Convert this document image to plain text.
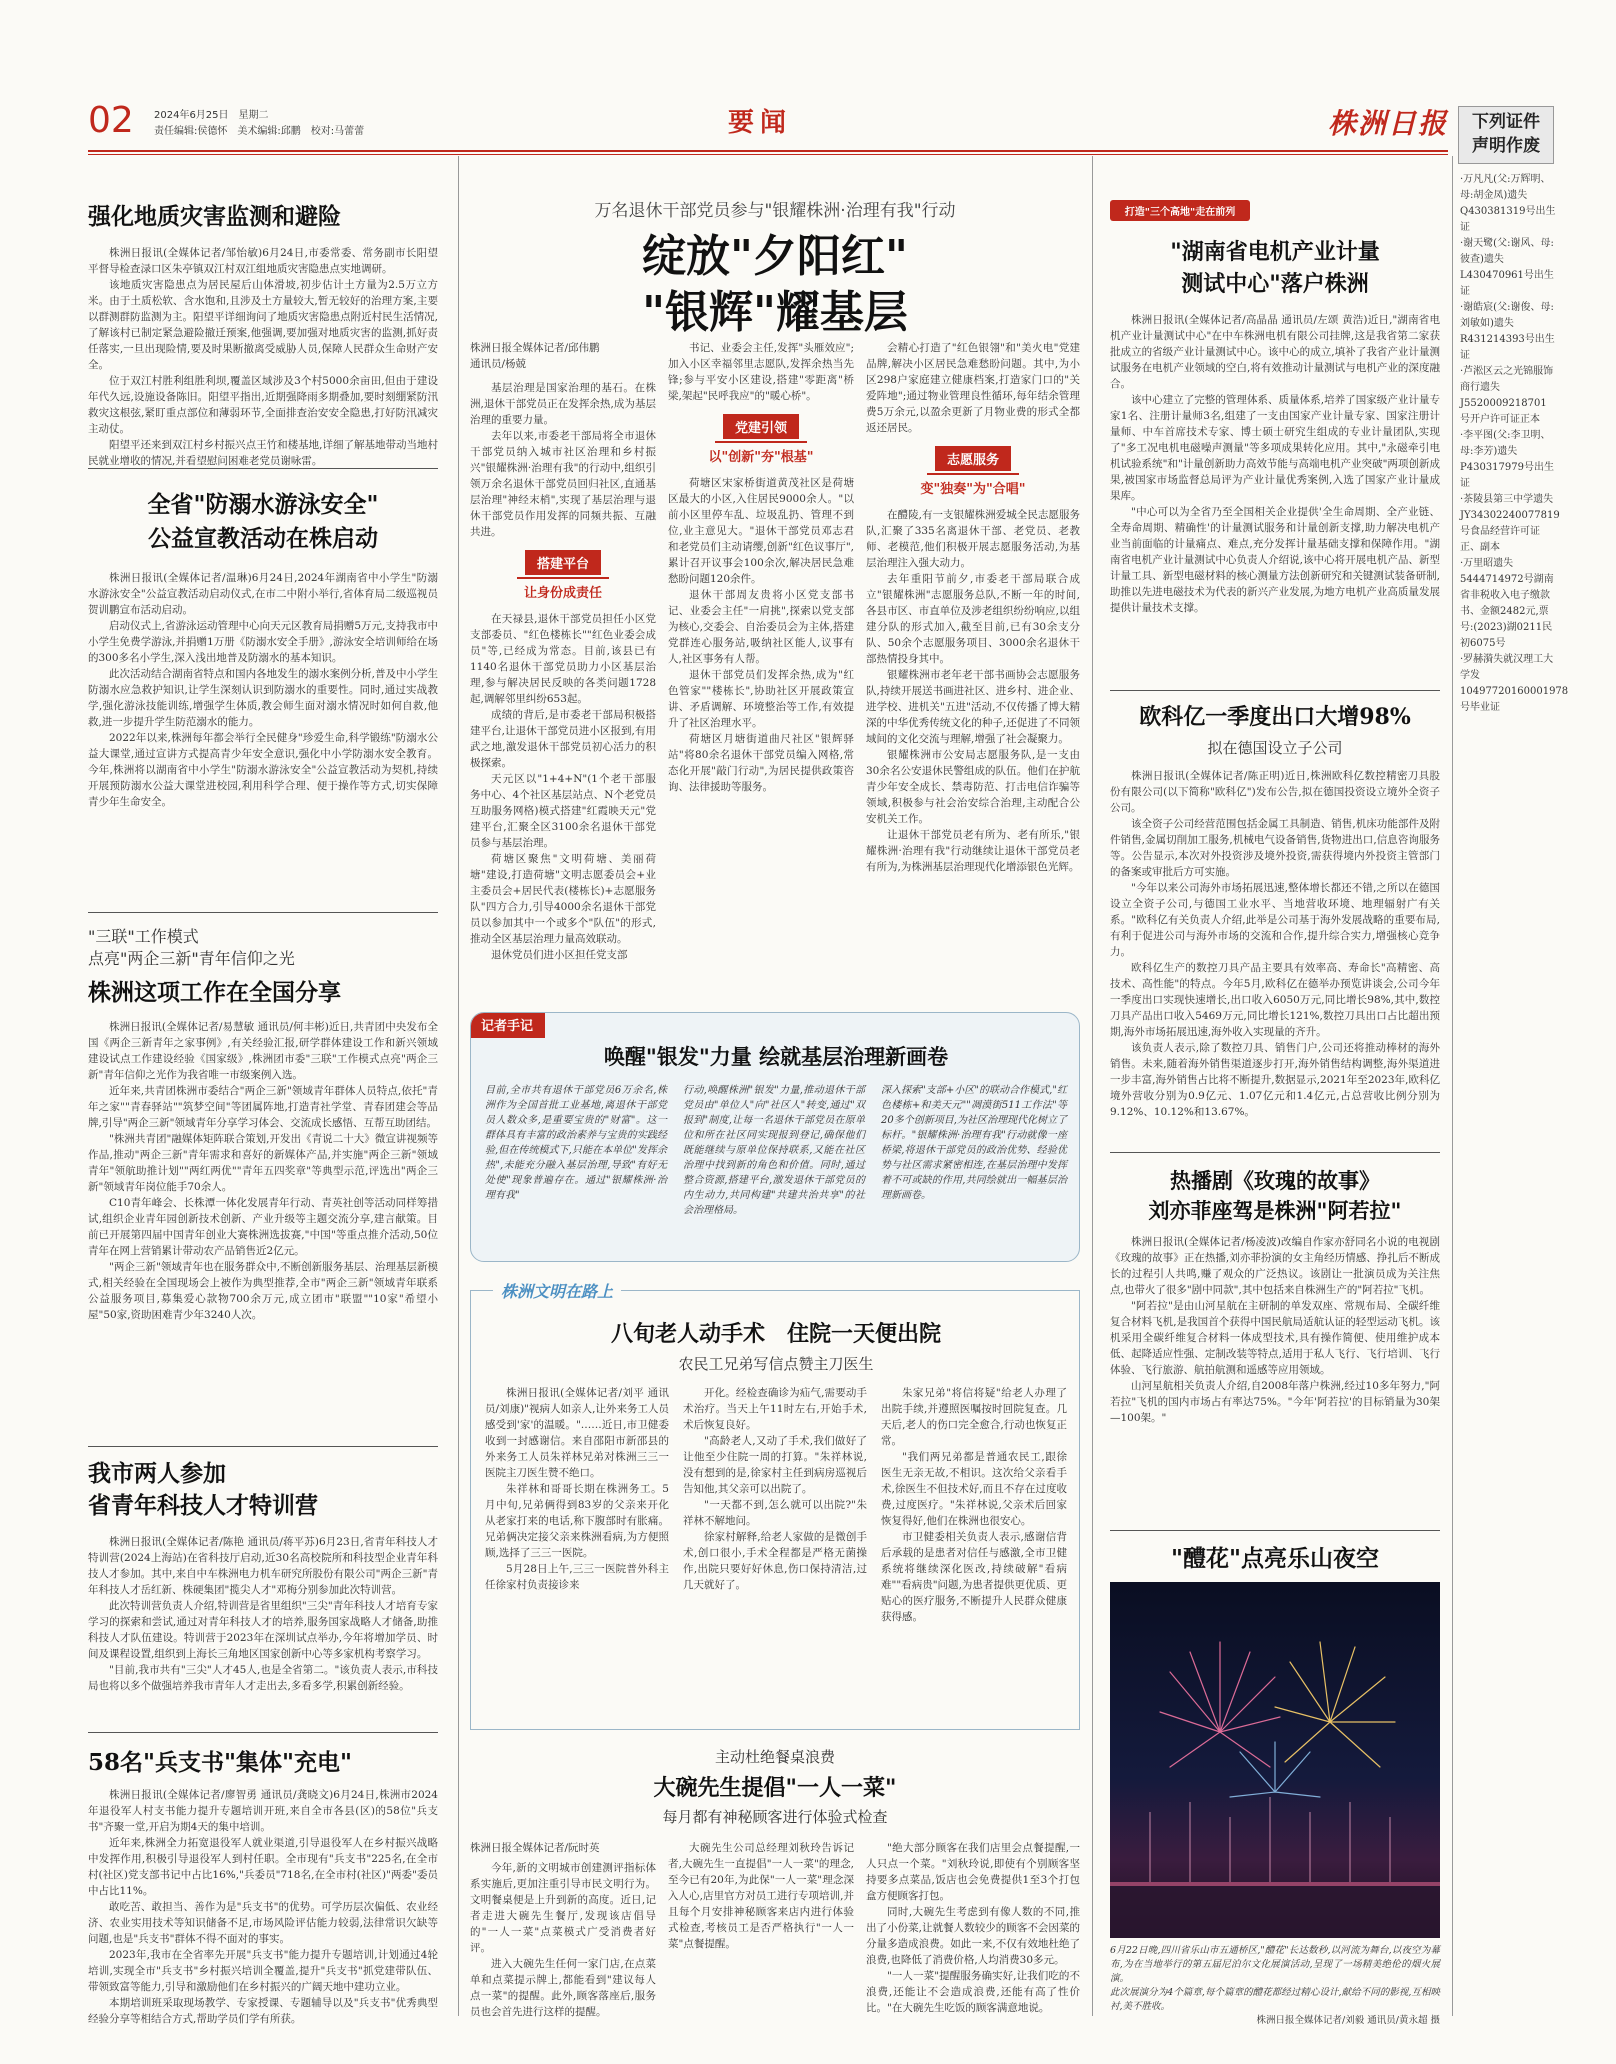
02 2024年6月25日　星期二
责任编辑:侯德怀　美术编辑:邱鹏　校对:马蕾蕾	要闻	株洲日报	下列证件
声明作废
·万凡凡(父:万辉明、母:胡金凤)遗失Q430381319号出生证
·谢天鹭(父:谢风、母:彼查)遗失L430470961号出生证
·谢皓宸(父:谢俊、母:刘敏如)遗失R431214393号出生证
·芦淞区云之光锦服饰商行遗失J5520009218701号开户许可证正本
·李平图(父:李卫明、母:李芳)遗失P430317979号出生证
·茶陵县第三中学遗失JY34302240077819号食品经营许可证正、副本
·万里昭遗失5444714972号湖南省非税收入电子缴款书、金额2482元,票号:(2023)湖0211民初6075号
·罗赫漪失就汉理工大学发10497720160001978号毕业证
强化地质灾害监测和避险

株洲日报讯(全媒体记者/邹怡敏)6月24日,市委常委、常务副市长阳望平督导检查渌口区朱亭镇双江村双江组地质灾害隐患点实地调研。

该地质灾害隐患点为居民屋后山体滑坡,初步估计土方量为2.5万立方米。由于土质松软、含水饱和,且涉及土方量较大,暂无较好的治理方案,主要以群测群防监测为主。阳望平详细询问了地质灾害隐患点附近村民生活情况,了解该村已制定紧急避险撤迁预案,他强调,要加强对地质灾害的监测,抓好责任落实,一旦出现险情,要及时果断撤离受威胁人员,保障人民群众生命财产安全。

位于双江村胜利组胜利坝,覆盖区域涉及3个村5000余亩田,但由于建设年代久远,设施设备陈旧。阳望平指出,近期强降雨多期叠加,要时刻绷紧防汛救灾这根弦,紧盯重点部位和薄弱环节,全面排查治安安全隐患,打好防汛减灾主动仗。

阳望平还来到双江村乡村振兴点王竹和楼基地,详细了解基地带动当地村民就业增收的情况,并看望慰问困难老党员谢咏雷。

全省"防溺水游泳安全"
公益宣教活动在株启动

株洲日报讯(全媒体记者/温琳)6月24日,2024年湖南省中小学生"防溺水游泳安全"公益宣教活动启动仪式,在市二中附小举行,省体育局二级巡视员贺训鹏宣布活动启动。

启动仪式上,省游泳运动管理中心向天元区教育局捐赠5万元,支持我市中小学生免费学游泳,并捐赠1万册《防溺水安全手册》,游泳安全培训师给在场的300多名小学生,深入浅出地普及防溺水的基本知识。

此次活动结合湖南省特点和国内各地发生的溺水案例分析,普及中小学生防溺水应急救护知识,让学生深刻认识到防溺水的重要性。同时,通过实战教学,强化游泳技能训练,增强学生体质,教会师生面对溺水情况时如何自救,他救,进一步提升学生防范溺水的能力。

2022年以来,株洲每年都会举行全民健身"珍爱生命,科学锻练"防溺水公益大课堂,通过宣讲方式提高青少年安全意识,强化中小学防溺水安全教育。今年,株洲将以湖南省中小学生"防溺水游泳安全"公益宣教活动为契机,持续开展预防溺水公益大课堂进校园,利用科学合理、便于操作等方式,切实保障青少年生命安全。

"三联"工作模式
点亮"两企三新"青年信仰之光
株洲这项工作在全国分享

株洲日报讯(全媒体记者/易慧敏 通讯员/何丰彬)近日,共青团中央发布全国《两企三新青年之家事例》,有关经验汇报,研学群体建设工作和新兴领域建设试点工作建设经验《国家级》,株洲团市委"三联"工作模式点亮"两企三新"青年信仰之光作为我省唯一市级案例入选。

近年来,共青团株洲市委结合"两企三新"领域青年群体人员特点,依托"青年之家""青春驿站""筑梦空间"等团属阵地,打造青社学堂、青春团建会等品牌,引导"两企三新"领域青年分享学习体会、交流成长感悟、互帮互助团结。

"株洲共青团"融媒体矩阵联合策划,开发出《青说二十大》微宣讲视频等作品,推动"两企三新"青年需求和喜好的新媒体产品,并实施"两企三新"领域青年"领航助推计划""两红两优""青年五四奖章"等典型示范,评选出"两企三新"领域青年岗位能手70余人。

C10青年峰会、长株潭一体化发展青年行动、青英社创等活动同样筹措试,组织企业青年园创新技术创新、产业升级等主题交流分享,建言献策。目前已开展第四届中国青年创业大赛株洲选拔赛,"中国"等重点推介活动,50位青年在网上营销累计带动农产品销售近2亿元。

"两企三新"领域青年也在服务群众中,不断创新服务基层、治理基层新模式,相关经验在全国现场会上被作为典型推荐,全市"两企三新"领域青年联系公益服务项目,募集爱心款物700余万元,成立团市"联盟""10家"希望小屋"50家,资助困难青少年3240人次。

我市两人参加
省青年科技人才特训营

株洲日报讯(全媒体记者/陈艳 通讯员/蒋平苏)6月23日,省青年科技人才特训营(2024上海站)在省科技厅启动,近30名高校院所和科技型企业青年科技人才参加。其中,来自中车株洲电力机车研究所股份有限公司"两企三新"青年科技人才岳红新、株硬集团"揽尖人才"邓梅分别参加此次特训营。

此次特训营负责人介绍,特训营是省里组织"三尖"青年科技人才培育专家学习的探索和尝试,通过对青年科技人才的培养,服务国家战略人才储备,助推科技人才队伍建设。特训营于2023年在深圳试点举办,今年将增加学员、时间及课程设置,组织到上海长三角地区国家创新中心等多家机构考察学习。

"目前,我市共有"三尖"人才45人,也是全省第二。"该负责人表示,市科技局也将以多个做强培养我市青年人才走出去,多看多学,积累创新经验。

58名"兵支书"集体"充电"

株洲日报讯(全媒体记者/廖智勇 通讯员/龚晓文)6月24日,株洲市2024年退役军人村支书能力提升专题培训开班,来自全市各县(区)的58位"兵支书"齐聚一堂,开启为期4天的集中培训。

近年来,株洲全力拓宽退役军人就业渠道,引导退役军人在乡村振兴战略中发挥作用,积极引导退役军人到村任职。全市现有"兵支书"225名,在全市村(社区)党支部书记中占比16%,"兵委员"718名,在全市村(社区)"两委"委员中占比11%。

敢吃苦、敢担当、善作为是"兵支书"的优势。可学历层次偏低、农业经济、农业实用技术等知识储备不足,市场风险评估能力较弱,法律常识欠缺等问题,也是"兵支书"群体不得不面对的事实。

2023年,我市在全省率先开展"兵支书"能力提升专题培训,计划通过4轮培训,实现全市"兵支书"乡村振兴培训全覆盖,提升"兵支书"抓党建带队伍、带领致富等能力,引导和激励他们在乡村振兴的广阔天地中建功立业。

本期培训班采取现场教学、专家授课、专题辅导以及"兵支书"优秀典型经验分享等相结合方式,帮助学员们学有所获。

万名退休干部党员参与"银耀株洲·治理有我"行动
绽放"夕阳红"
"银辉"耀基层
株洲日报全媒体记者/邱伟鹏
通讯员/杨兢

基层治理是国家治理的基石。在株洲,退休干部党员正在发挥余热,成为基层治理的重要力量。

去年以来,市委老干部局将全市退休干部党员纳入城市社区治理和乡村振兴"银耀株洲·治理有我"的行动中,组织引领万余名退休干部党员回归社区,直通基层治理"神经末梢",实现了基层治理与退休干部党员作用发挥的同频共振、互融共进。

搭建平台
让身份成责任

在天禄县,退休干部党员担任小区党支部委员、"红色楼栋长""红色业委会成员"等,已经成为常态。目前,该县已有1140名退休干部党员助力小区基层治理,参与解决居民反映的各类问题1728起,调解邻里纠纷653起。

成绩的背后,是市委老干部局积极搭建平台,让退休干部党员进小区报到,有用武之地,激发退休干部党员初心活力的积极探索。

天元区以"1+4+N"(1个老干部服务中心、4个社区基层站点、N个老党员互助服务网格)模式搭建"红霞映天元"党建平台,汇聚全区3100余名退休干部党员参与基层治理。

荷塘区聚焦"文明荷塘、美丽荷塘"建设,打造荷塘"文明志愿委员会+业主委员会+居民代表(楼栋长)+志愿服务队"四方合力,引导4000余名退休干部党员以参加其中一个或多个"队伍"的形式,推动全区基层治理力量高效联动。

退休党员们进小区担任党支部

书记、业委会主任,发挥"头雁效应";加入小区幸福邻里志愿队,发挥余热当先锋;参与平安小区建设,搭建"零距离"桥梁,架起"民呼我应"的"暖心桥"。

党建引领
以"创新"夯"根基"

荷塘区宋家桥街道黄茂社区是荷塘区最大的小区,入住居民9000余人。"以前小区里停车乱、垃圾乱扔、管理不到位,业主意见大。"退休干部党员邓志君和老党员们主动请缨,创新"红色议事厅",累计召开议事会100余次,解决居民急难愁盼问题120余件。

退休干部周友贵将小区党支部书记、业委会主任"一肩挑",探索以党支部为核心,交委会、自治委员会为主体,搭建党群连心服务站,吸纳社区能人,议事有人,社区事务有人帮。

退休干部党员们发挥余热,成为"红色管家""楼栋长",协助社区开展政策宣讲、矛盾调解、环境整治等工作,有效提升了社区治理水平。

荷塘区月塘街道曲尺社区"银辉驿站"将80余名退休干部党员编入网格,常态化开展"敲门行动",为居民提供政策咨询、法律援助等服务。

会精心打造了"红色银翎"和"美火电"党建品牌,解决小区居民急难愁盼问题。其中,为小区298户家庭建立健康档案,打造家门口的"关爱阵地";通过物业管理良性循环,每年结余管理费5万余元,以盈余更新了月物业费的形式全都返还居民。

志愿服务
变"独奏"为"合唱"

在醴陵,有一支银耀株洲爱城全民志愿服务队,汇聚了335名离退休干部、老党员、老教师、老模范,他们积极开展志愿服务活动,为基层治理注入强大动力。

去年重阳节前夕,市委老干部局联合成立"银耀株洲"志愿服务总队,不断一年的时间,各县市区、市直单位及涉老组织纷纷响应,以组建分队的形式加入,截至目前,已有30余支分队、50余个志愿服务项目、3000余名退休干部热情投身其中。

银耀株洲市老年老干部书画协会志愿服务队,持续开展送书画进社区、进乡村、进企业、进学校、进机关"五进"活动,不仅传播了博大精深的中华优秀传统文化的种子,还促进了不同领域间的文化交流与理解,增强了社会凝聚力。

银耀株洲市公安局志愿服务队,是一支由30余名公安退休民警组成的队伍。他们在护航青少年安全成长、禁毒防范、打击电信诈骗等领域,积极参与社会治安综合治理,主动配合公安机关工作。

让退休干部党员老有所为、老有所乐,"银耀株洲·治理有我"行动继续让退休干部党员老有所为,为株洲基层治理现代化增添银色光辉。

记者手记
唤醒"银发"力量 绘就基层治理新画卷
目前,全市共有退休干部党员6万余名,株洲作为全国首批工业基地,离退休干部党员人数众多,是重要宝贵的"财富"。这一群体具有丰富的政治素养与宝贵的实践经验,但在传统模式下,只能在本单位"发挥余热",未能充分融入基层治理,导致"有好无处使"现象普遍存在。通过"银耀株洲·治理有我"
行动,唤醒株洲"银发"力量,推动退休干部党员由"单位人"向"社区人"转变,通过"双报到"制度,让每一名退休干部党员在原单位和所在社区同实现报到登记,确保他们既能继续与原单位保持联系,又能在社区治理中找到新的角色和价值。同时,通过整合资源,搭建平台,激发退休干部党员的内生动力,共同构建"共建共治共享"的社会治理格局。
深入探索"支部+小区"的联动合作模式,"红色楼栋+和美天元""凋漠街511工作法"等20多个创新项目,为社区治理现代化树立了标杆。"银耀株洲·治理有我"行动就像一座桥梁,将退休干部党员的政治优势、经验优势与社区需求紧密相连,在基层治理中发挥着不可或缺的作用,共同绘就出一幅基层治理新画卷。
株洲文明在路上
八旬老人动手术　住院一天便出院
农民工兄弟写信点赞主刀医生

株洲日报讯(全媒体记者/刘平 通讯员/刘康)"视病人如亲人,让外来务工人员感受到'家'的温暖。"……近日,市卫健委收到一封感谢信。来自邵阳市新邵县的外来务工人员朱祥林兄弟对株洲三三一医院主刀医生赞不绝口。

朱祥林和哥哥长期在株洲务工。5月中旬,兄弟俩得到83岁的父亲来开化从老家打来的电话,称下腹部时有胀痛。兄弟俩决定接父亲来株洲看病,为方便照顾,选择了三三一医院。

5月28日上午,三三一医院普外科主任徐家村负责接诊来

开化。经检查确诊为疝气,需要动手术治疗。当天上午11时左右,开始手术,术后恢复良好。

"高龄老人,又动了手术,我们做好了让他至少住院一周的打算。"朱祥林说,没有想到的是,徐家村主任到病房巡视后告知他,其父亲可以出院了。

"一天都不到,怎么就可以出院?"朱祥林不解地问。

徐家村解释,给老人家做的是微创手术,创口很小,手术全程都是严格无菌操作,出院只要好好休息,伤口保持清洁,过几天就好了。

朱家兄弟"将信将疑"给老人办理了出院手续,并遵照医嘱按时回院复查。几天后,老人的伤口完全愈合,行动也恢复正常。

"我们两兄弟都是普通农民工,跟徐医生无亲无故,不相识。这次给父亲看手术,徐医生不但技术好,而且不存在过度收费,过度医疗。"朱祥林说,父亲术后回家恢复得好,他们在株洲也很安心。

市卫健委相关负责人表示,感谢信背后承载的是患者对信任与感激,全市卫健系统将继续深化医改,持续破解"看病难""看病贵"问题,为患者提供更优质、更贴心的医疗服务,不断提升人民群众健康获得感。

主动杜绝餐桌浪费
大碗先生提倡"一人一菜"
每月都有神秘顾客进行体验式检查
株洲日报全媒体记者/阮时英

今年,新的文明城市创建测评指标体系实施后,更加注重引导市民文明行为。文明餐桌便是上升到新的高度。近日,记者走进大碗先生餐厅,发现该店倡导的"一人一菜"点菜模式广受消费者好评。

进入大碗先生任何一家门店,在点菜单和点菜提示牌上,都能看到"建议每人点一菜"的提醒。此外,顾客落座后,服务员也会首先进行这样的提醒。

大碗先生公司总经理刘秋玲告诉记者,大碗先生一直提倡"一人一菜"的理念,至今已有20年,为此保"一人一菜"理念深入人心,店里官方对员工进行专项培训,并且每个月安排神秘顾客来店内进行体验式检查,考核员工是否严格执行"一人一菜"点餐提醒。

"绝大部分顾客在我们店里会点餐提醒,一人只点一个菜。"刘秋玲说,即使有个别顾客坚持要多点菜品,饭店也会免费提供1至3个打包盒方便顾客打包。

同时,大碗先生考虑到有像人数的不同,推出了小份菜,让就餐人数较少的顾客不会因菜的分量多造成浪费。如此一来,不仅有效地杜绝了浪费,也降低了消费价格,人均消费30多元。

"一人一菜"提醒服务确实好,让我们吃的不浪费,还能让不会造成浪费,还能有高了性价比。"在大碗先生吃饭的顾客满意地说。

打造"三个高地"走在前列
"湖南省电机产业计量
测试中心"落户株洲

株洲日报讯(全媒体记者/高晶晶 通讯员/左颂 黄浩)近日,"湖南省电机产业计量测试中心"在中车株洲电机有限公司挂牌,这是我省第二家获批成立的省级产业计量测试中心。该中心的成立,填补了我省产业计量测试服务在电机产业领域的空白,将有效推动计量测试与电机产业的深度融合。

该中心建立了完整的管理体系、质量体系,培养了国家级产业计量专家1名、注册计量师3名,组建了一支由国家产业计量专家、国家注册计量师、中车首席技术专家、博士硕士研究生组成的专业计量团队,实现了"多工况电机电磁噪声测量"等多项成果转化应用。其中,"永磁牵引电机试验系统"和"计量创新助力高效节能与高端电机产业突破"两项创新成果,被国家市场监督总局评为产业计量优秀案例,入选了国家产业计量成果库。

"中心可以为全省乃至全国相关企业提供'全生命周期、全产业链、全寿命周期、精确性'的计量测试服务和计量创新支撑,助力解决电机产业当前面临的计量痛点、难点,充分发挥计量基础支撑和保障作用。"湖南省电机产业计量测试中心负责人介绍说,该中心将开展电机产品、新型计量工具、新型电磁材料的核心测量方法创新研究和关键测试装备研制,助推以先进电磁技术为代表的新兴产业发展,为地方电机产业高质量发展提供计量技术支撑。

欧科亿一季度出口大增98%
拟在德国设立子公司

株洲日报讯(全媒体记者/陈正明)近日,株洲欧科亿数控精密刀具股份有限公司(以下简称"欧科亿")发布公告,拟在德国投资设立境外全资子公司。

该全资子公司经营范围包括金属工具制造、销售,机床功能部件及附件销售,金属切削加工服务,机械电气设备销售,货物进出口,信息咨询服务等。公告显示,本次对外投资涉及境外投资,需获得境内外投资主管部门的备案或审批后方可实施。

"今年以来公司海外市场拓展迅速,整体增长都还不错,之所以在德国设立全资子公司,与德国工业水平、当地营收环境、地理辐射广有关系。"欧科亿有关负责人介绍,此举是公司基于海外发展战略的重要布局,有利于促进公司与海外市场的交流和合作,提升综合实力,增强核心竞争力。

欧科亿生产的数控刀具产品主要具有效率高、寿命长"高精密、高技术、高性能"的特点。今年5月,欧科亿在德举办预览讲谈会,公司今年一季度出口实现快速增长,出口收入6050万元,同比增长98%,其中,数控刀具产品出口收入5469万元,同比增长121%,数控刀具出口占比超出预期,海外市场拓展迅速,海外收入实现量的齐升。

该负责人表示,除了数控刀具、销售门户,公司还将推动棒材的海外销售。未来,随着海外销售渠道逐步打开,海外销售结构调整,海外渠道进一步丰富,海外销售占比将不断提升,数据显示,2021年至2023年,欧科亿境外营收分别为0.9亿元、1.07亿元和1.4亿元,占总营收比例分别为9.12%、10.12%和13.67%。

热播剧《玫瑰的故事》
刘亦菲座驾是株洲"阿若拉"

株洲日报讯(全媒体记者/杨凌波)改编自作家亦舒同名小说的电视剧《玫瑰的故事》正在热播,刘亦菲扮演的女主角经历情感、挣扎后不断成长的过程引人共鸣,赚了观众的广泛热议。该剧让一批演员成为关注焦点,也带火了很多"剧中同款",其中包括来自株洲生产的"阿若拉"飞机。

"阿若拉"是由山河星航在主研制的单发双座、常规布局、全碳纤维复合材料飞机,是我国首个获得中国民航局适航认证的轻型运动飞机。该机采用全碳纤维复合材料一体成型技术,具有操作简便、使用维护成本低、起降适应性强、定制改装等特点,适用于私人飞行、飞行培训、飞行体验、飞行旅游、航拍航测和遥感等应用领域。

山河星航相关负责人介绍,自2008年落户株洲,经过10多年努力,"阿若拉"飞机的国内市场占有率达75%。"今年'阿若拉'的目标销量为30架—100架。"

"醴花"点亮乐山夜空
6月22日晚,四川省乐山市五通桥区,"醴花"长达数秒,以河流为舞台,以夜空为幕布,为在当地举行的第五届尼泊尔文化展演活动,呈现了一场精美绝伦的烟火展演。
此次展演分为4个篇章,每个篇章的醴花都经过精心设计,献给不同的影视,互相映衬,美不胜收。
株洲日报全媒体记者/刘毅 通讯员/黄永超 摄
